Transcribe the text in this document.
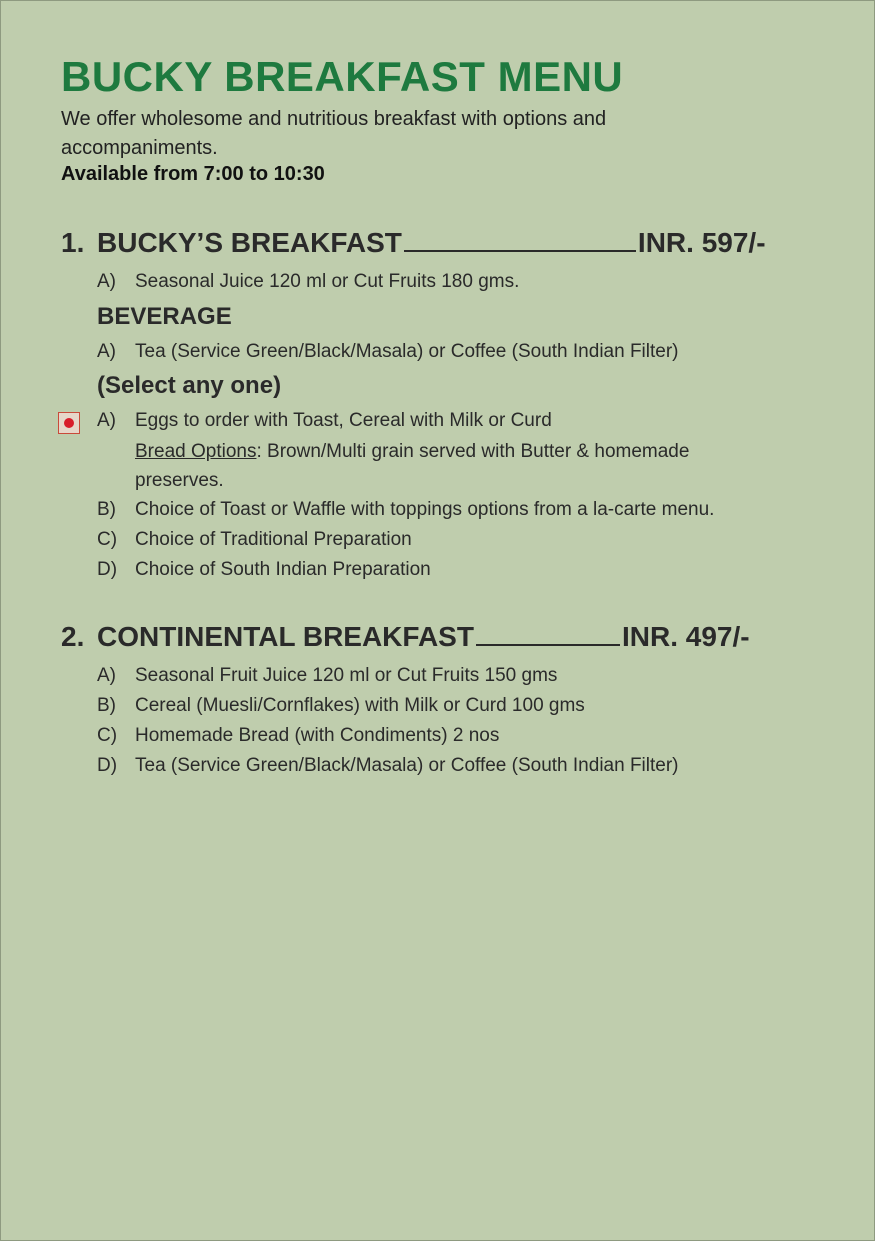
BUCKY BREAKFAST MENU
We offer wholesome and nutritious breakfast with options and accompaniments.
Available from 7:00 to 10:30
1. BUCKY’S BREAKFAST	INR. 597/-
A) Seasonal Juice 120 ml or Cut Fruits 180 gms.
BEVERAGE
A) Tea (Service Green/Black/Masala) or Coffee (South Indian Filter)
(Select any one)
A) Eggs to order with Toast, Cereal with Milk or Curd
Bread Options: Brown/Multi grain served with Butter & homemade
preserves.
B) Choice of Toast or Waffle with toppings options from a la-carte menu.
C) Choice of Traditional Preparation
D) Choice of South Indian Preparation
2. CONTINENTAL BREAKFAST	INR. 497/-
A) Seasonal Fruit Juice 120 ml or Cut Fruits 150 gms
B) Cereal (Muesli/Cornflakes) with Milk or Curd 100 gms
C) Homemade Bread (with Condiments) 2 nos
D) Tea (Service Green/Black/Masala) or Coffee (South Indian Filter)
